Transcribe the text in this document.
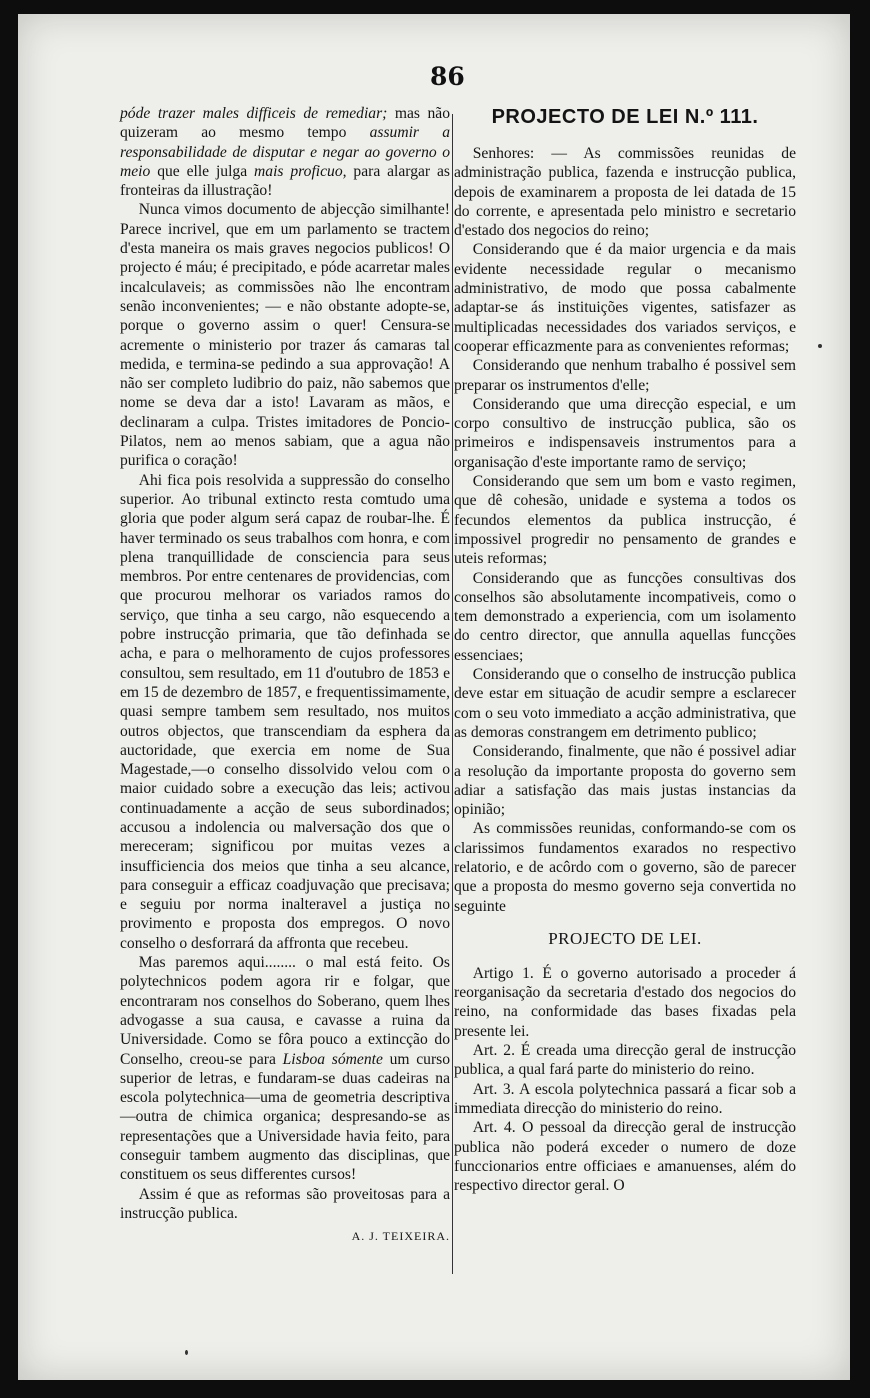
86

póde trazer males difficeis de remediar; mas não quizeram ao mesmo tempo assumir a responsabilidade de disputar e negar ao governo o meio que elle julga mais proficuo, para alargar as fronteiras da illustração!

Nunca vimos documento de abjecção similhante! Parece incrivel, que em um parlamento se tractem d'esta maneira os mais graves negocios publicos! O projecto é máu; é precipitado, e póde acarretar males incalculaveis; as commissões não lhe encontram senão inconvenientes; — e não obstante adopte-se, porque o governo assim o quer! Censura-se acremente o ministerio por trazer ás camaras tal medida, e termina-se pedindo a sua approvação! A não ser completo ludibrio do paiz, não sabemos que nome se deva dar a isto! Lavaram as mãos, e declinaram a culpa. Tristes imitadores de Poncio-Pilatos, nem ao menos sabiam, que a agua não purifica o coração!

Ahi fica pois resolvida a suppressão do conselho superior. Ao tribunal extincto resta comtudo uma gloria que poder algum será capaz de roubar-lhe. É haver terminado os seus trabalhos com honra, e com plena tranquillidade de consciencia para seus membros. Por entre centenares de providencias, com que procurou melhorar os variados ramos do serviço, que tinha a seu cargo, não esquecendo a pobre instrucção primaria, que tão definhada se acha, e para o melhoramento de cujos professores consultou, sem resultado, em 11 d'outubro de 1853 e em 15 de dezembro de 1857, e frequentissimamente, quasi sempre tambem sem resultado, nos muitos outros objectos, que transcendiam da esphera da auctoridade, que exercia em nome de Sua Magestade,—o conselho dissolvido velou com o maior cuidado sobre a execução das leis; activou continuadamente a acção de seus subordinados; accusou a indolencia ou malversação dos que o mereceram; significou por muitas vezes a insufficiencia dos meios que tinha a seu alcance, para conseguir a efficaz coadjuvação que precisava; e seguiu por norma inalteravel a justiça no provimento e proposta dos empregos. O novo conselho o desforrará da affronta que recebeu.

Mas paremos aqui........ o mal está feito. Os polytechnicos podem agora rir e folgar, que encontraram nos conselhos do Soberano, quem lhes advogasse a sua causa, e cavasse a ruina da Universidade. Como se fôra pouco a extincção do Conselho, creou-se para Lisboa sómente um curso superior de letras, e fundaram-se duas cadeiras na escola polytechnica—uma de geometria descriptiva—outra de chimica organica; despresando-se as representações que a Universidade havia feito, para conseguir tambem augmento das disciplinas, que constituem os seus differentes cursos!

Assim é que as reformas são proveitosas para a instrucção publica.

A. J. TEIXEIRA.
PROJECTO DE LEI N.º 111.

Senhores: — As commissões reunidas de administração publica, fazenda e instrucção publica, depois de examinarem a proposta de lei datada de 15 do corrente, e apresentada pelo ministro e secretario d'estado dos negocios do reino;

Considerando que é da maior urgencia e da mais evidente necessidade regular o mecanismo administrativo, de modo que possa cabalmente adaptar-se ás instituições vigentes, satisfazer as multiplicadas necessidades dos variados serviços, e cooperar efficazmente para as convenientes reformas;

Considerando que nenhum trabalho é possivel sem preparar os instrumentos d'elle;

Considerando que uma direcção especial, e um corpo consultivo de instrucção publica, são os primeiros e indispensaveis instrumentos para a organisação d'este importante ramo de serviço;

Considerando que sem um bom e vasto regimen, que dê cohesão, unidade e systema a todos os fecundos elementos da publica instrucção, é impossivel progredir no pensamento de grandes e uteis reformas;

Considerando que as funcções consultivas dos conselhos são absolutamente incompativeis, como o tem demonstrado a experiencia, com um isolamento do centro director, que annulla aquellas funcções essenciaes;

Considerando que o conselho de instrucção publica deve estar em situação de acudir sempre a esclarecer com o seu voto immediato a acção administrativa, que as demoras constrangem em detrimento publico;

Considerando, finalmente, que não é possivel adiar a resolução da importante proposta do governo sem adiar a satisfação das mais justas instancias da opinião;

As commissões reunidas, conformando-se com os clarissimos fundamentos exarados no respectivo relatorio, e de acôrdo com o governo, são de parecer que a proposta do mesmo governo seja convertida no seguinte

PROJECTO DE LEI.

Artigo 1. É o governo autorisado a proceder á reorganisação da secretaria d'estado dos negocios do reino, na conformidade das bases fixadas pela presente lei.

Art. 2. É creada uma direcção geral de instrucção publica, a qual fará parte do ministerio do reino.

Art. 3. A escola polytechnica passará a ficar sob a immediata direcção do ministerio do reino.

Art. 4. O pessoal da direcção geral de instrucção publica não poderá exceder o numero de doze funccionarios entre officiaes e amanuenses, além do respectivo director geral. O
